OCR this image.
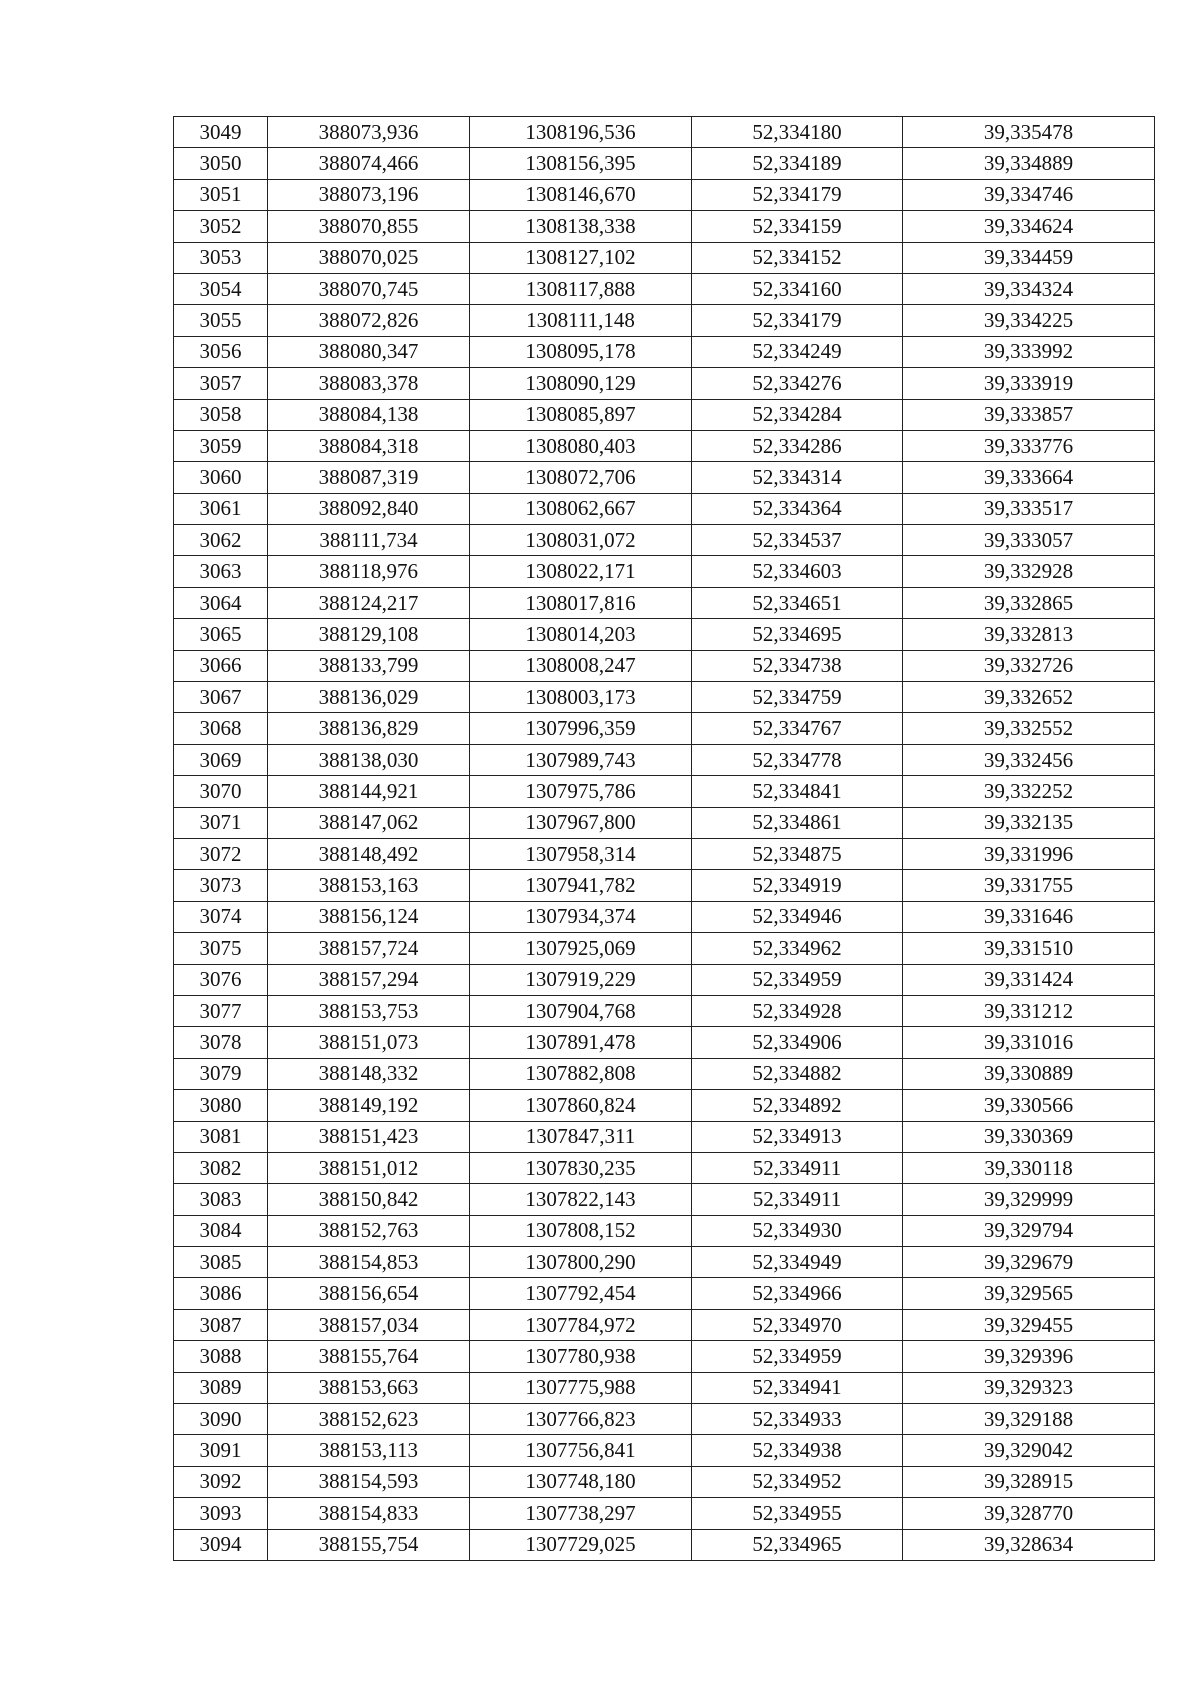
3049	388073,936	1308196,536	52,334180	39,335478
3050	388074,466	1308156,395	52,334189	39,334889
3051	388073,196	1308146,670	52,334179	39,334746
3052	388070,855	1308138,338	52,334159	39,334624
3053	388070,025	1308127,102	52,334152	39,334459
3054	388070,745	1308117,888	52,334160	39,334324
3055	388072,826	1308111,148	52,334179	39,334225
3056	388080,347	1308095,178	52,334249	39,333992
3057	388083,378	1308090,129	52,334276	39,333919
3058	388084,138	1308085,897	52,334284	39,333857
3059	388084,318	1308080,403	52,334286	39,333776
3060	388087,319	1308072,706	52,334314	39,333664
3061	388092,840	1308062,667	52,334364	39,333517
3062	388111,734	1308031,072	52,334537	39,333057
3063	388118,976	1308022,171	52,334603	39,332928
3064	388124,217	1308017,816	52,334651	39,332865
3065	388129,108	1308014,203	52,334695	39,332813
3066	388133,799	1308008,247	52,334738	39,332726
3067	388136,029	1308003,173	52,334759	39,332652
3068	388136,829	1307996,359	52,334767	39,332552
3069	388138,030	1307989,743	52,334778	39,332456
3070	388144,921	1307975,786	52,334841	39,332252
3071	388147,062	1307967,800	52,334861	39,332135
3072	388148,492	1307958,314	52,334875	39,331996
3073	388153,163	1307941,782	52,334919	39,331755
3074	388156,124	1307934,374	52,334946	39,331646
3075	388157,724	1307925,069	52,334962	39,331510
3076	388157,294	1307919,229	52,334959	39,331424
3077	388153,753	1307904,768	52,334928	39,331212
3078	388151,073	1307891,478	52,334906	39,331016
3079	388148,332	1307882,808	52,334882	39,330889
3080	388149,192	1307860,824	52,334892	39,330566
3081	388151,423	1307847,311	52,334913	39,330369
3082	388151,012	1307830,235	52,334911	39,330118
3083	388150,842	1307822,143	52,334911	39,329999
3084	388152,763	1307808,152	52,334930	39,329794
3085	388154,853	1307800,290	52,334949	39,329679
3086	388156,654	1307792,454	52,334966	39,329565
3087	388157,034	1307784,972	52,334970	39,329455
3088	388155,764	1307780,938	52,334959	39,329396
3089	388153,663	1307775,988	52,334941	39,329323
3090	388152,623	1307766,823	52,334933	39,329188
3091	388153,113	1307756,841	52,334938	39,329042
3092	388154,593	1307748,180	52,334952	39,328915
3093	388154,833	1307738,297	52,334955	39,328770
3094	388155,754	1307729,025	52,334965	39,328634
